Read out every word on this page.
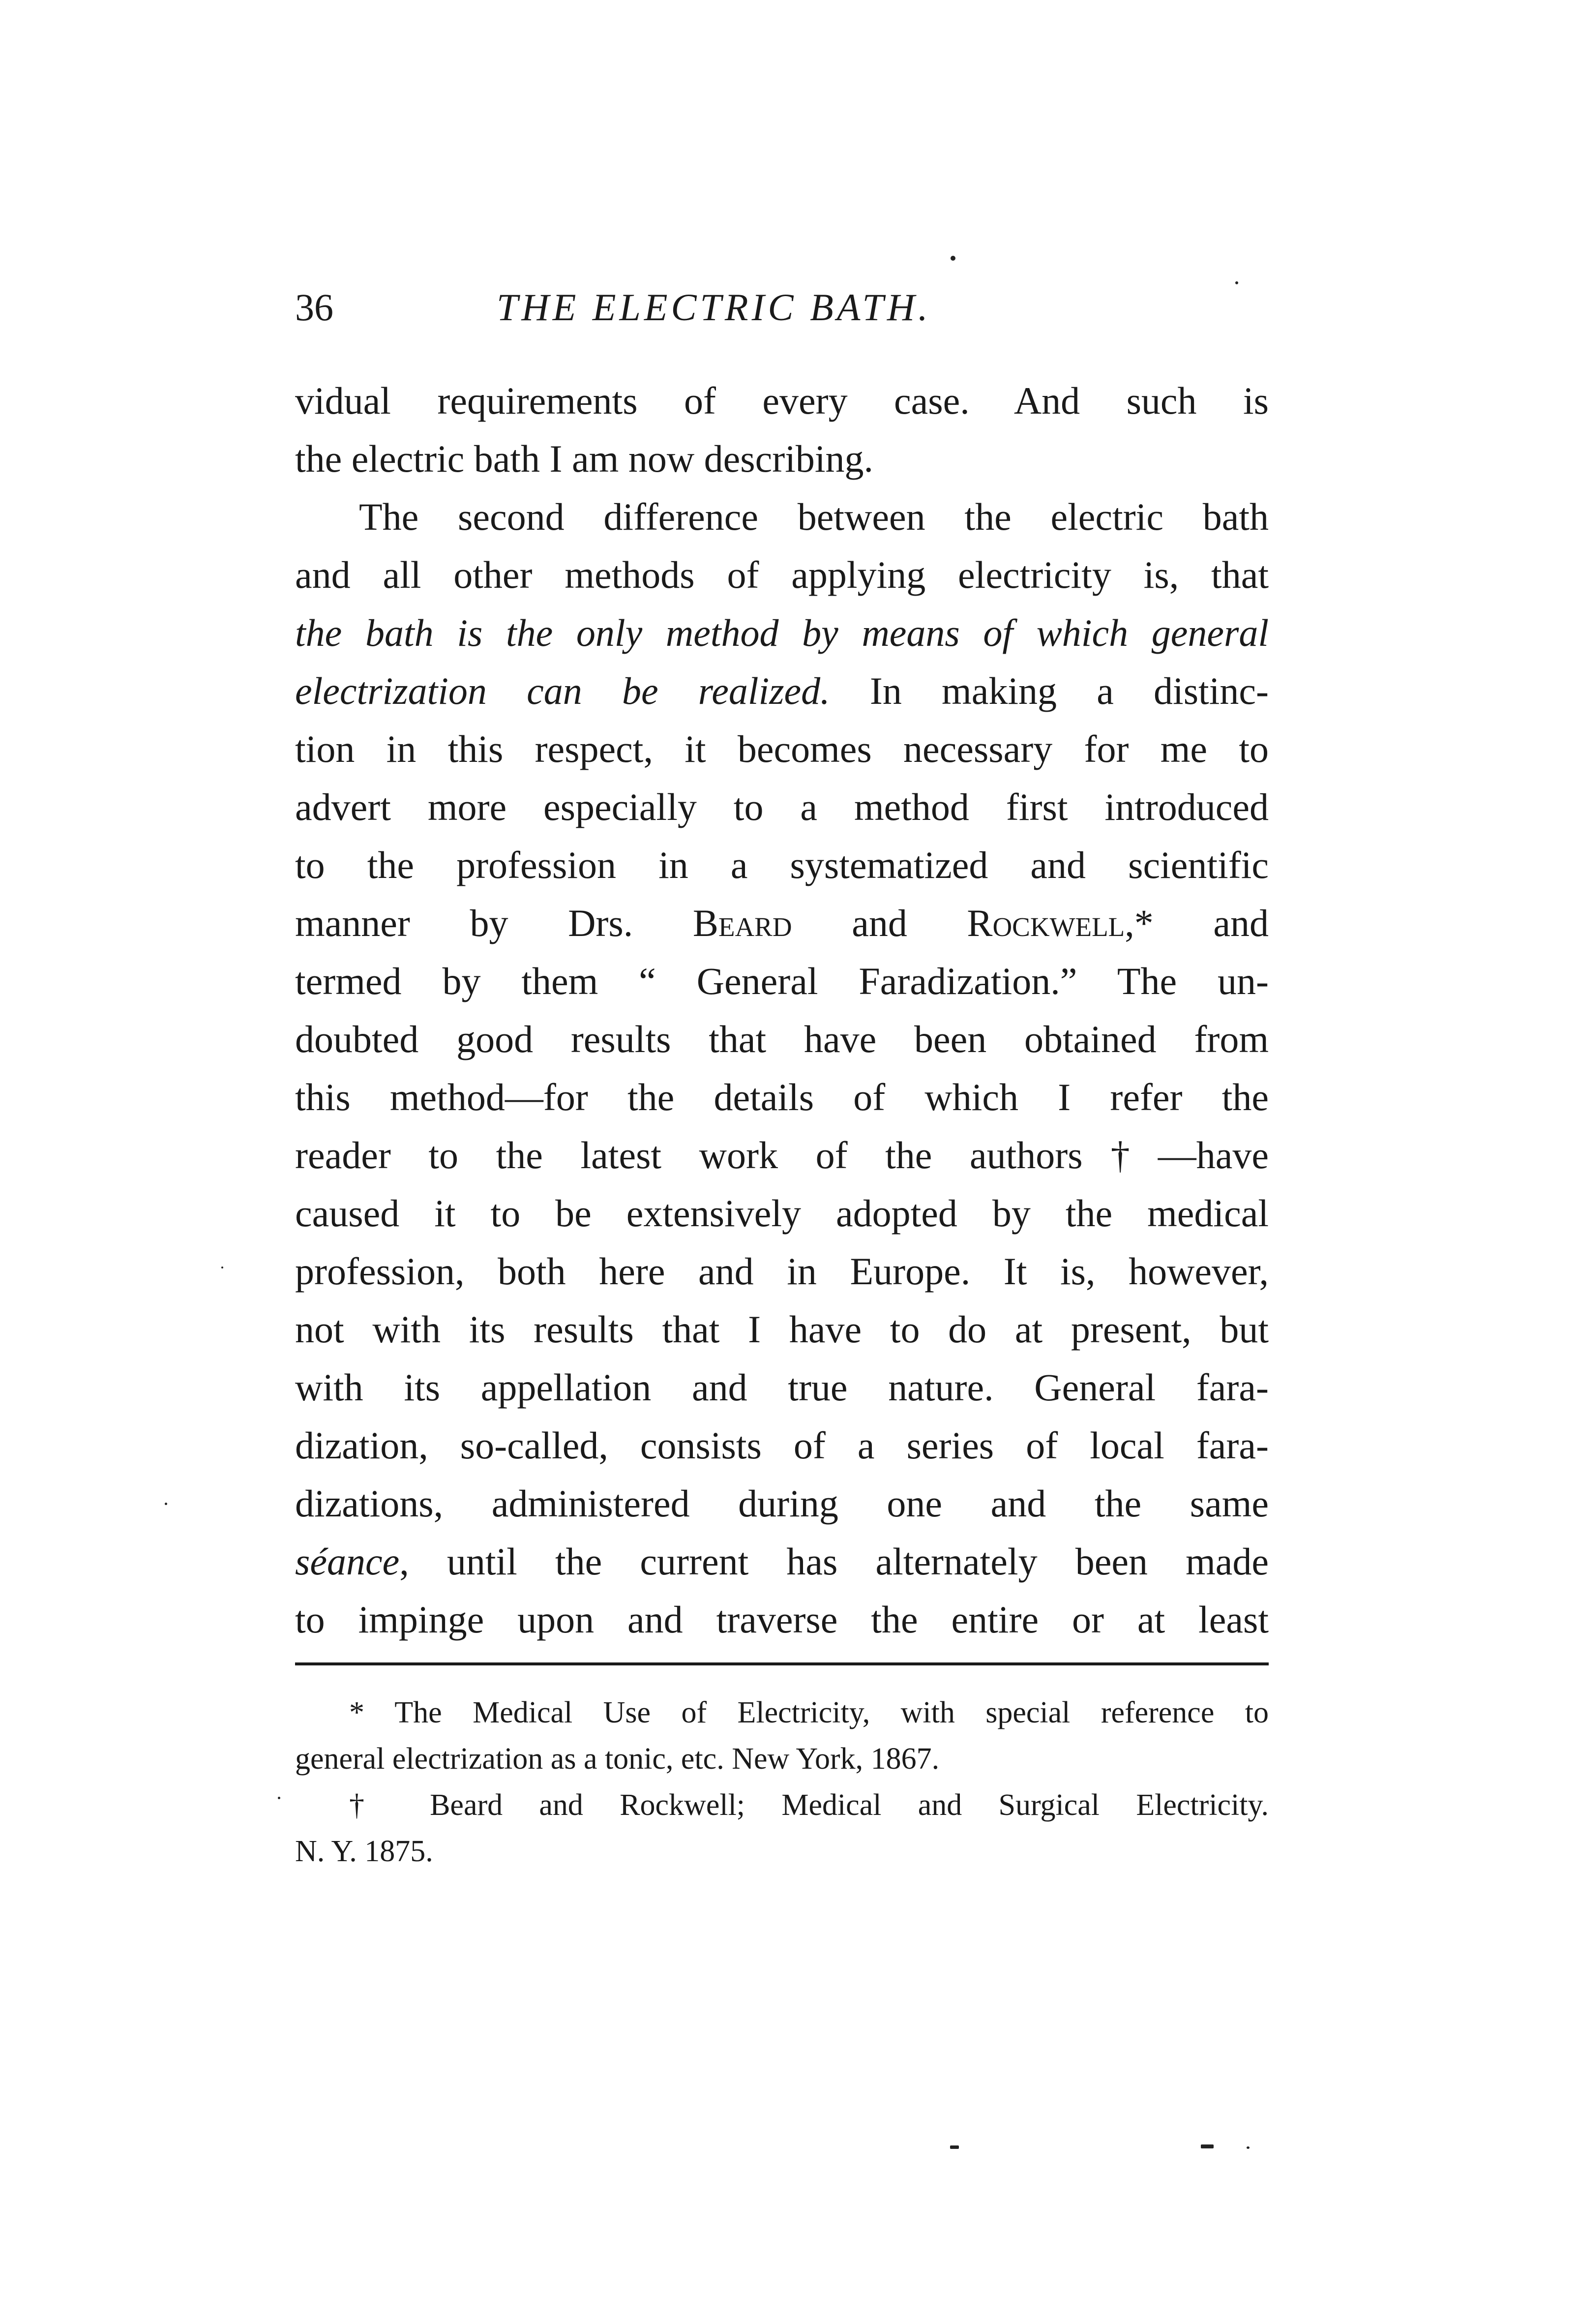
36	THE ELECTRIC BATH.
vidual requirements of every case. And such is
the electric bath I am now describing.
The second difference between the electric bath
and all other methods of applying electricity is, that
the bath is the only method by means of which general
electrization can be realized. In making a distinc-
tion in this respect, it becomes necessary for me to
advert more especially to a method first introduced
to the profession in a systematized and scientific
manner by Drs. Beard and Rockwell,* and
termed by them “ General Faradization.” The un-
doubted good results that have been obtained from
this method—for the details of which I refer the
reader to the latest work of the authors†—have
caused it to be extensively adopted by the medical
profession, both here and in Europe. It is, however,
not with its results that I have to do at present, but
with its appellation and true nature. General fara-
dization, so-called, consists of a series of local fara-
dizations, administered during one and the same
séance, until the current has alternately been made
to impinge upon and traverse the entire or at least
* The Medical Use of Electricity, with special reference to
general electrization as a tonic, etc. New York, 1867.
† Beard and Rockwell; Medical and Surgical Electricity.
N. Y. 1875.
